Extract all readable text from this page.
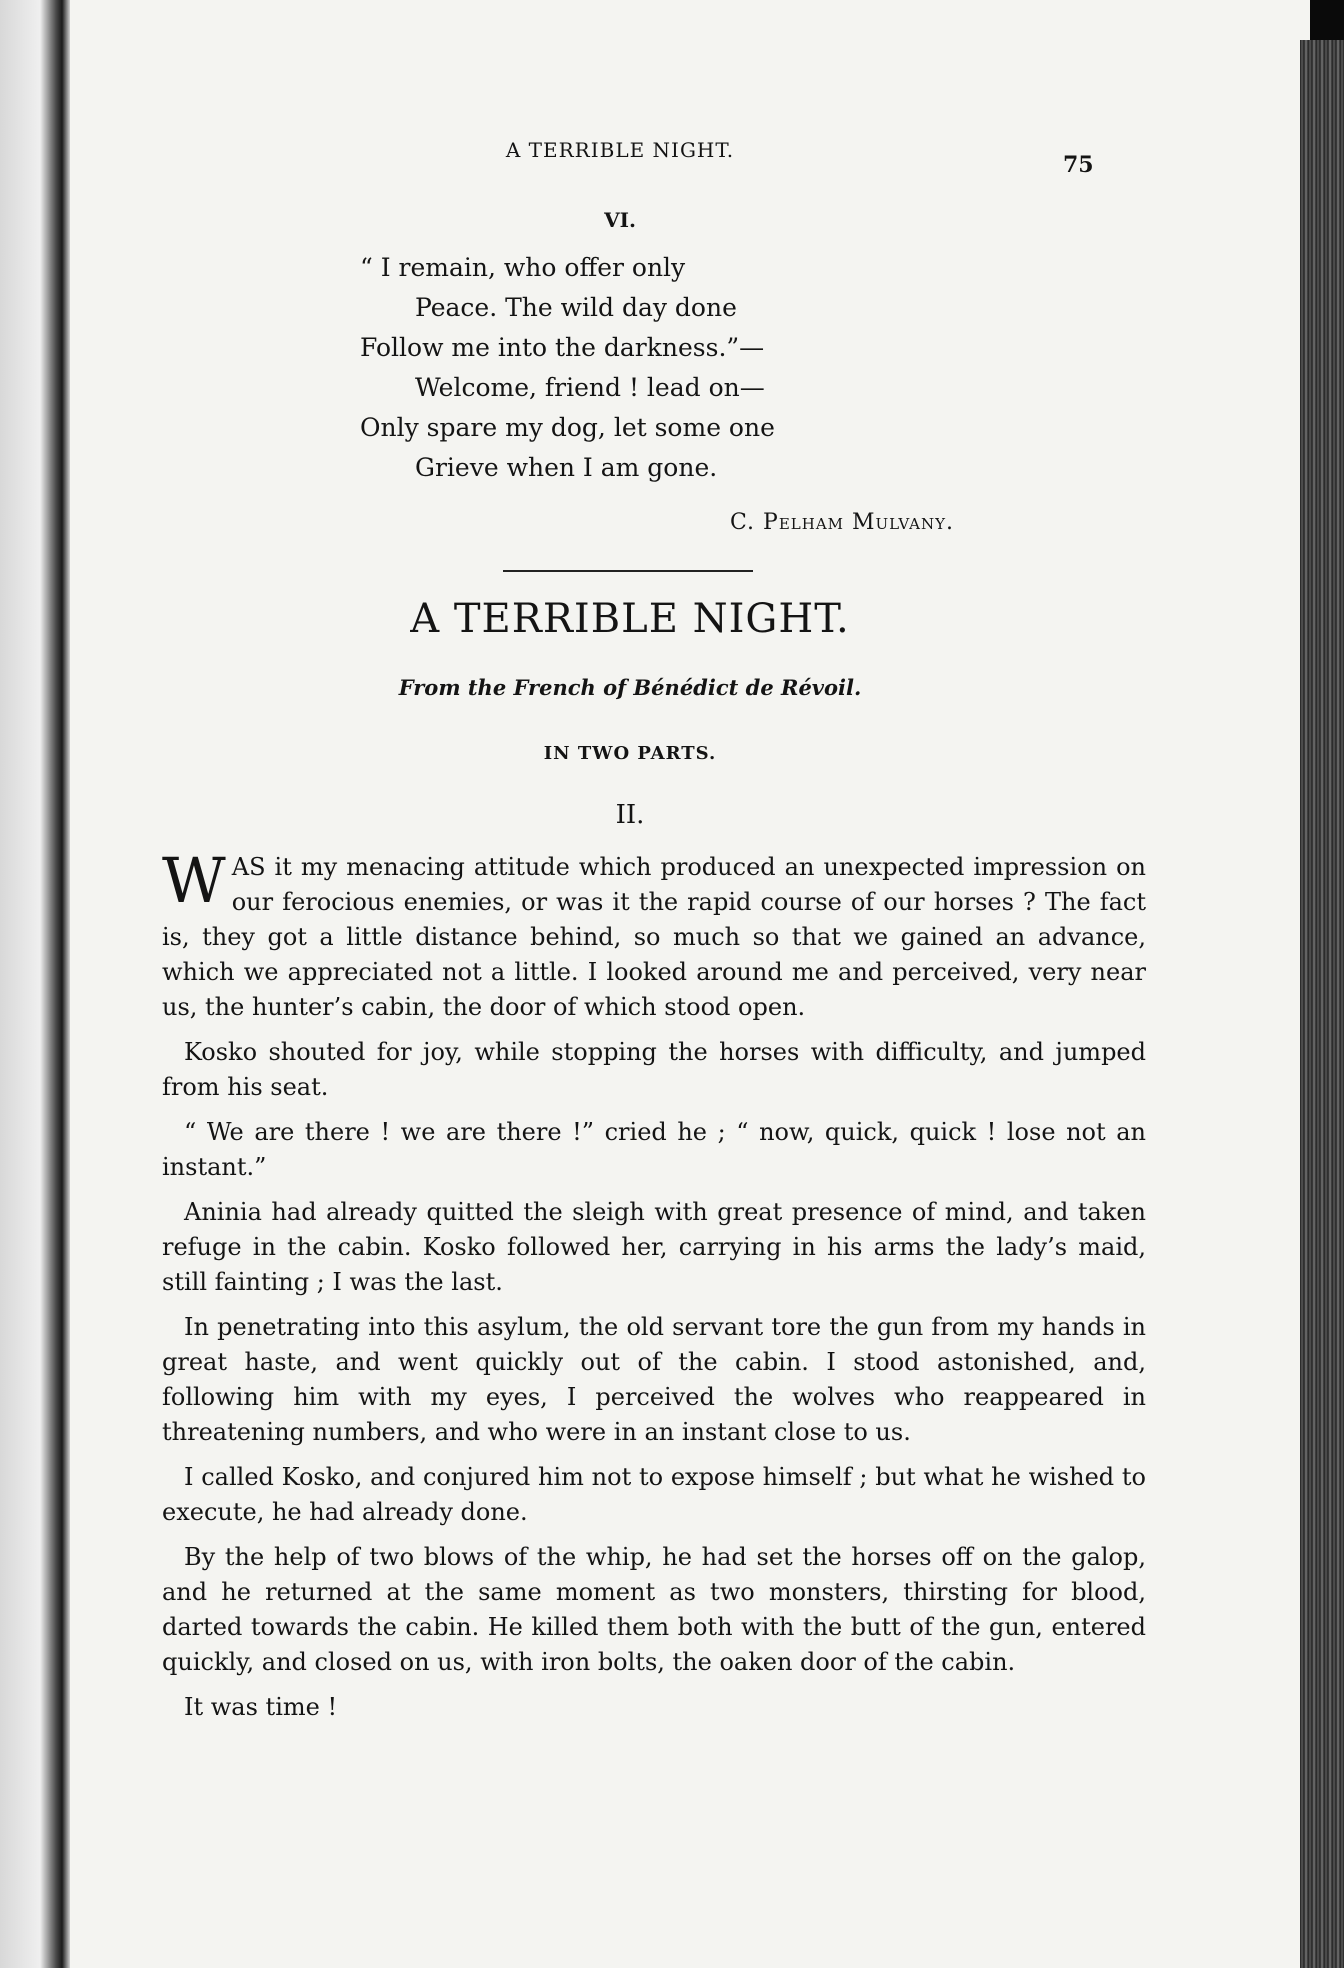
A TERRIBLE NIGHT.
75
VI.
“ I remain, who offer only
Peace. The wild day done
Follow me into the darkness.”—
Welcome, friend ! lead on—
Only spare my dog, let some one
Grieve when I am gone.
C. Pelham Mulvany.
A TERRIBLE NIGHT.
From the French of Bénédict de Révoil.
IN TWO PARTS.
II.

WAS it my menacing attitude which produced an unexpected impression on our ferocious enemies, or was it the rapid course of our horses ? The fact is, they got a little distance behind, so much so that we gained an advance, which we appreciated not a little. I looked around me and perceived, very near us, the hunter’s cabin, the door of which stood open.

Kosko shouted for joy, while stopping the horses with difficulty, and jumped from his seat.

“ We are there ! we are there !” cried he ; “ now, quick, quick ! lose not an instant.”

Aninia had already quitted the sleigh with great presence of mind, and taken refuge in the cabin. Kosko followed her, carrying in his arms the lady’s maid, still fainting ; I was the last.

In penetrating into this asylum, the old servant tore the gun from my hands in great haste, and went quickly out of the cabin. I stood astonished, and, following him with my eyes, I perceived the wolves who reappeared in threatening numbers, and who were in an instant close to us.

I called Kosko, and conjured him not to expose himself ; but what he wished to execute, he had already done.

By the help of two blows of the whip, he had set the horses off on the galop, and he returned at the same moment as two monsters, thirsting for blood, darted towards the cabin. He killed them both with the butt of the gun, entered quickly, and closed on us, with iron bolts, the oaken door of the cabin.

It was time !
